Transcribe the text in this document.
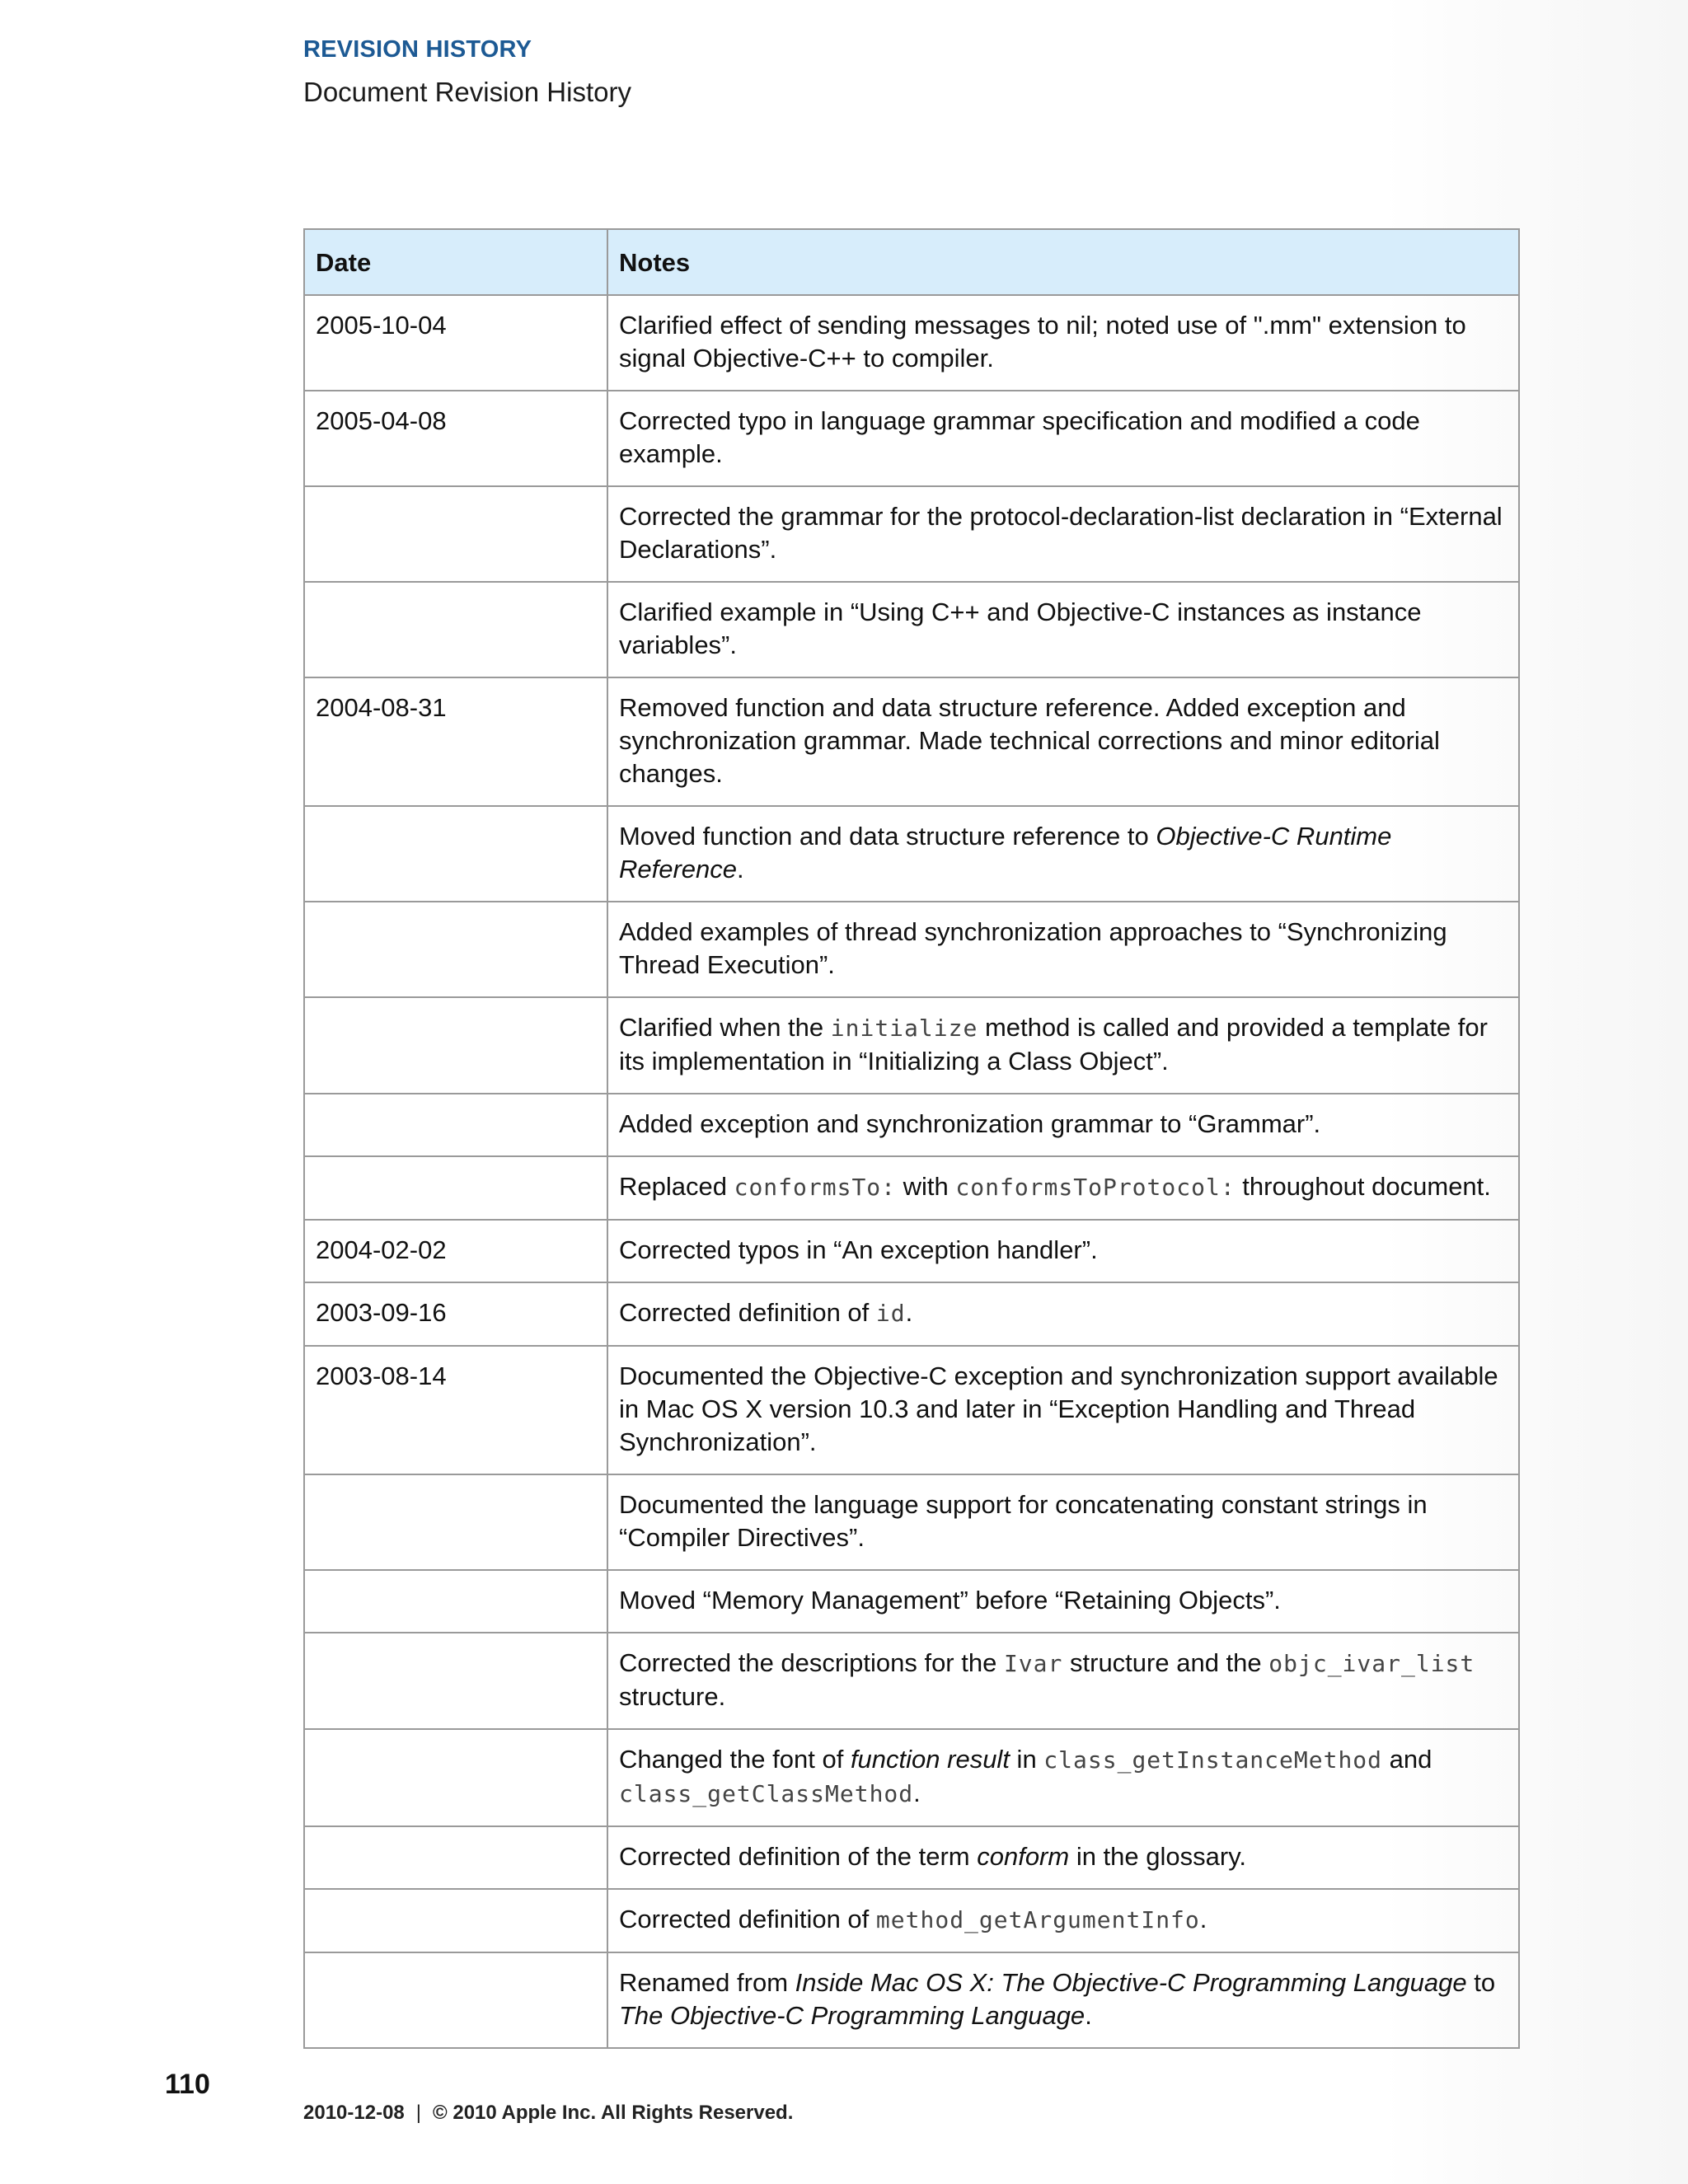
REVISION HISTORY
Document Revision History
Date	Notes
2005-10-04	Clarified effect of sending messages to nil; noted use of ".mm" extension to signal Objective-C++ to compiler.
2005-04-08	Corrected typo in language grammar specification and modified a code example.
	Corrected the grammar for the protocol-declaration-list declaration in “External Declarations”.
	Clarified example in “Using C++ and Objective-C instances as instance variables”.
2004-08-31	Removed function and data structure reference. Added exception and synchronization grammar. Made technical corrections and minor editorial changes.
	Moved function and data structure reference to Objective-C Runtime Reference.
	Added examples of thread synchronization approaches to “Synchronizing Thread Execution”.
	Clarified when the initialize method is called and provided a template for its implementation in “Initializing a Class Object”.
	Added exception and synchronization grammar to “Grammar”.
	Replaced conformsTo: with conformsToProtocol: throughout document.
2004-02-02	Corrected typos in “An exception handler”.
2003-09-16	Corrected definition of id.
2003-08-14	Documented the Objective-C exception and synchronization support available in Mac OS X version 10.3 and later in “Exception Handling and Thread Synchronization”.
	Documented the language support for concatenating constant strings in “Compiler Directives”.
	Moved “Memory Management” before “Retaining Objects”.
	Corrected the descriptions for the Ivar structure and the objc_ivar_list structure.
	Changed the font of function result in class_getInstanceMethod and class_getClassMethod.
	Corrected definition of the term conform in the glossary.
	Corrected definition of method_getArgumentInfo.
	Renamed from Inside Mac OS X: The Objective-C Programming Language to The Objective-C Programming Language.
110
2010-12-08 | © 2010 Apple Inc. All Rights Reserved.
